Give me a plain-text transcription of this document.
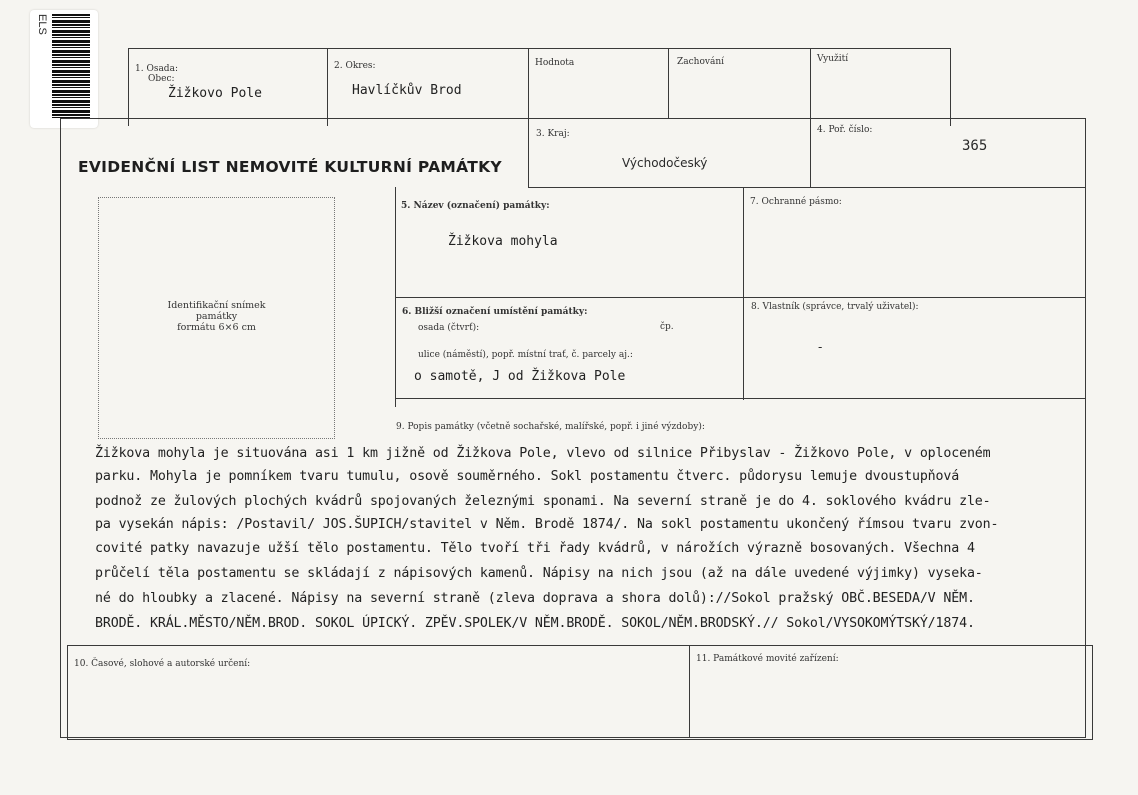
ELS
1. Osada:
Obec:
Žižkovo Pole
2. Okres:
Havlíčkův Brod
Hodnota	Zachování	Využití
EVIDENČNÍ LIST NEMOVITÉ KULTURNÍ PAMÁTKY
3. Kraj:
Východočeský
4. Poř. číslo:
365
Identifikační snímek
památky
formátu 6×6 cm
5. Název (označení) památky:
Žižkova mohyla
7. Ochranné pásmo:
6. Bližší označení umístění památky:
osada (čtvrť):	čp.
ulice (náměstí), popř. místní trať, č. parcely aj.:
o samotě, J od Žižkova Pole
8. Vlastník (správce, trvalý uživatel):
-
9. Popis památky (včetně sochařské, malířské, popř. i jiné výzdoby):
Žižkova mohyla je situována asi 1 km jižně od Žižkova Pole, vlevo od silnice Přibyslav - Žižkovo Pole, v oploceném
parku. Mohyla je pomníkem tvaru tumulu, osově souměrného. Sokl postamentu čtverc. půdorysu lemuje dvoustupňová
podnož ze žulových plochých kvádrů spojovaných železnými sponami. Na severní straně je do 4. soklového kvádru zle-
pa vysekán nápis: /Postavil/ JOS.ŠUPICH/stavitel v Něm. Brodě 1874/. Na sokl postamentu ukončený římsou tvaru zvon-
covité patky navazuje užší tělo postamentu. Tělo tvoří tři řady kvádrů, v nárožích výrazně bosovaných. Všechna 4
průčelí těla postamentu se skládají z nápisových kamenů. Nápisy na nich jsou (až na dále uvedené výjimky) vyseka-
né do hloubky a zlacené. Nápisy na severní straně (zleva doprava a shora dolů)://Sokol pražský OBČ.BESEDA/V NĚM.
BRODĚ. KRÁL.MĚSTO/NĚM.BROD. SOKOL ÚPICKÝ. ZPĚV.SPOLEK/V NĚM.BRODĚ. SOKOL/NĚM.BRODSKÝ.// Sokol/VYSOKOMÝTSKÝ/1874.
10. Časové, slohové a autorské určení:	11. Památkové movité zařízení:
